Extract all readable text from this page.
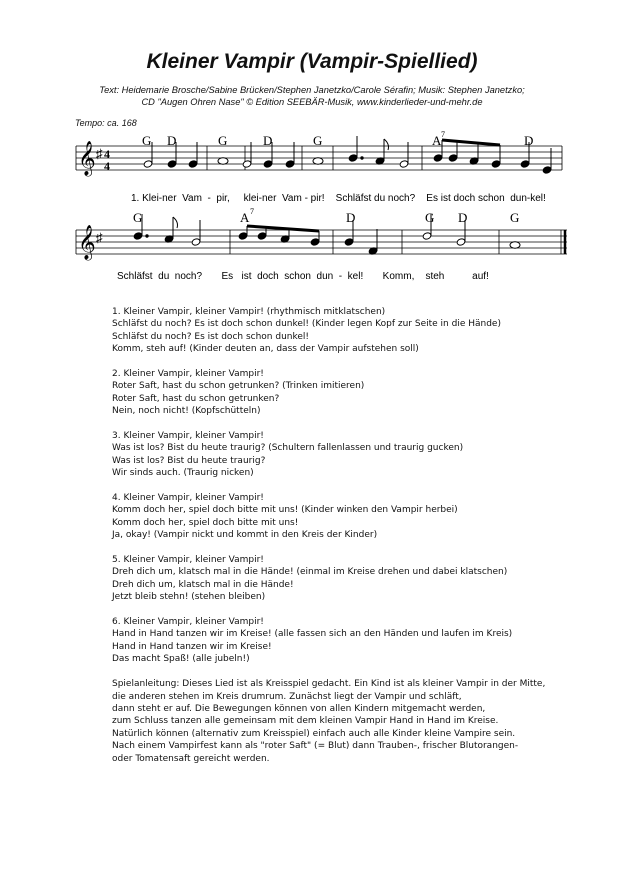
Kleiner Vampir (Vampir-Spiellied)
Text: Heidemarie Brosche/Sabine Brücken/Stephen Janetzko/Carole Sérafin; Musik: Stephen Janetzko;
CD "Augen Ohren Nase" © Edition SEEBÄR-Musik, www.kinderlieder-und-mehr.de
Tempo: ca. 168
𝄞 ♯ 4
4
G D	G	D	G	A 7	D
1. Klei-ner  Vam  -  pir,     klei-ner  Vam - pir!    Schläfst du noch?    Es ist doch schon  dun-kel!
𝄞 ♯
G	A 7	D	G D	G
Schläfst  du  noch?       Es   ist  doch  schon  dun  -  kel!       Komm,    steh          auf!
1. Kleiner Vampir, kleiner Vampir! (rhythmisch mitklatschen)
Schläfst du noch? Es ist doch schon dunkel! (Kinder legen Kopf zur Seite in die Hände)
Schläfst du noch? Es ist doch schon dunkel!
Komm, steh auf! (Kinder deuten an, dass der Vampir aufstehen soll)
2. Kleiner Vampir, kleiner Vampir!
Roter Saft, hast du schon getrunken? (Trinken imitieren)
Roter Saft, hast du schon getrunken?
Nein, noch nicht! (Kopfschütteln)
3. Kleiner Vampir, kleiner Vampir!
Was ist los? Bist du heute traurig? (Schultern fallenlassen und traurig gucken)
Was ist los? Bist du heute traurig?
Wir sinds auch. (Traurig nicken)
4. Kleiner Vampir, kleiner Vampir!
Komm doch her, spiel doch bitte mit uns! (Kinder winken den Vampir herbei)
Komm doch her, spiel doch bitte mit uns!
Ja, okay! (Vampir nickt und kommt in den Kreis der Kinder)
5. Kleiner Vampir, kleiner Vampir!
Dreh dich um, klatsch mal in die Hände! (einmal im Kreise drehen und dabei klatschen)
Dreh dich um, klatsch mal in die Hände!
Jetzt bleib stehn! (stehen bleiben)
6. Kleiner Vampir, kleiner Vampir!
Hand in Hand tanzen wir im Kreise! (alle fassen sich an den Händen und laufen im Kreis)
Hand in Hand tanzen wir im Kreise!
Das macht Spaß! (alle jubeln!)
Spielanleitung: Dieses Lied ist als Kreisspiel gedacht. Ein Kind ist als kleiner Vampir in der Mitte,
die anderen stehen im Kreis drumrum. Zunächst liegt der Vampir und schläft,
dann steht er auf. Die Bewegungen können von allen Kindern mitgemacht werden,
zum Schluss tanzen alle gemeinsam mit dem kleinen Vampir Hand in Hand im Kreise.
Natürlich können (alternativ zum Kreisspiel) einfach auch alle Kinder kleine Vampire sein.
Nach einem Vampirfest kann als "roter Saft" (= Blut) dann Trauben-, frischer Blutorangen-
oder Tomatensaft gereicht werden.
